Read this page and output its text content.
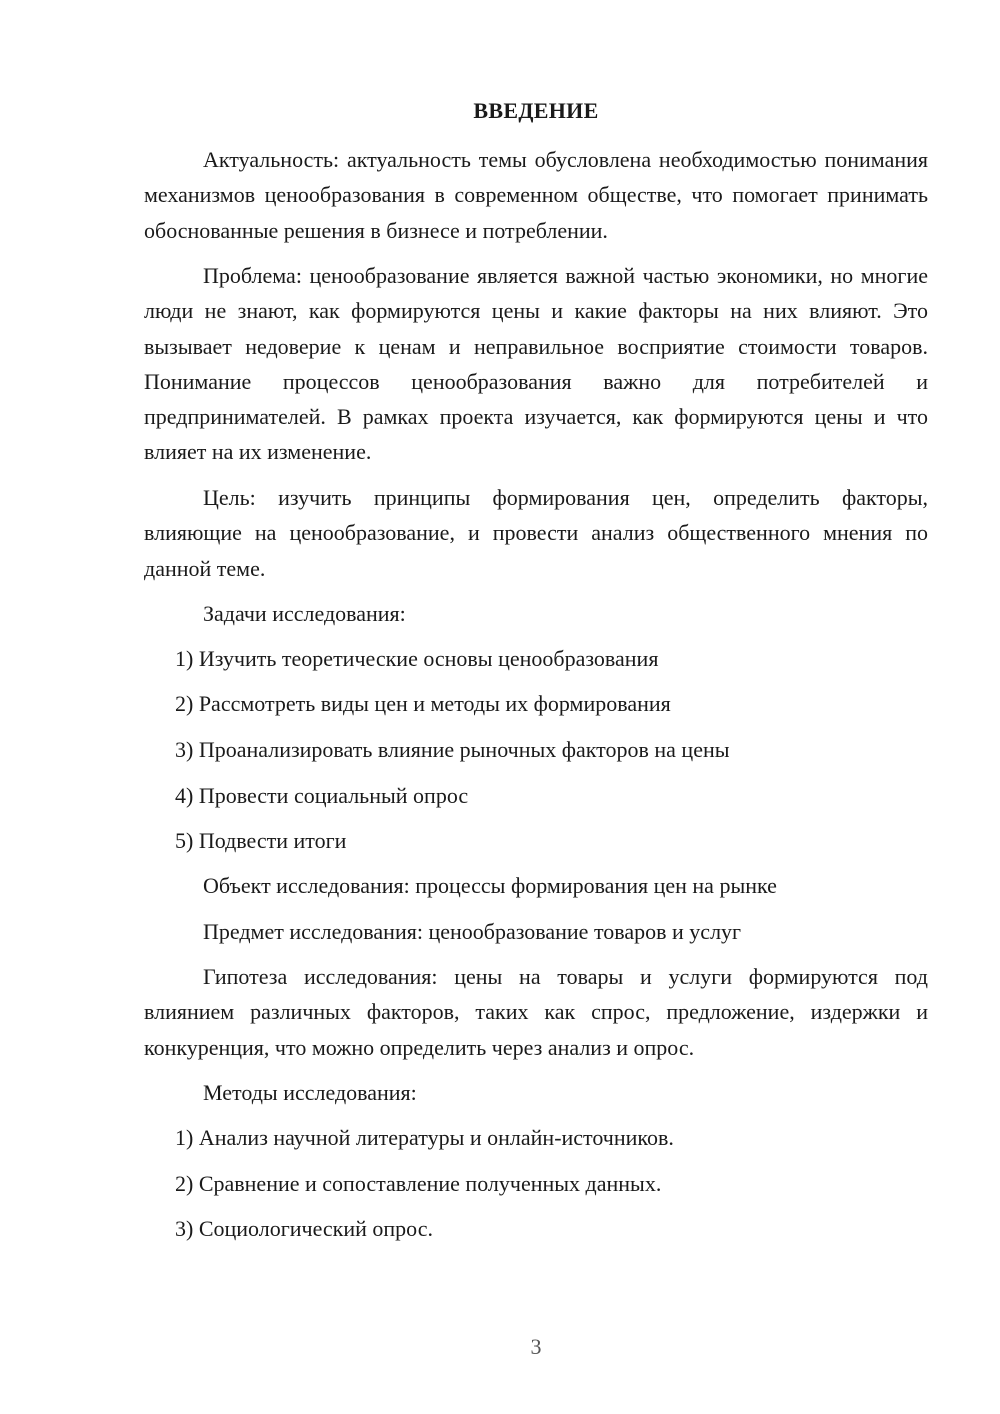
ВВЕДЕНИЕ

Актуальность: актуальность темы обусловлена необходимостью понимания механизмов ценообразования в современном обществе, что помогает принимать обоснованные решения в бизнесе и потреблении.

Проблема: ценообразование является важной частью экономики, но многие люди не знают, как формируются цены и какие факторы на них влияют. Это вызывает недоверие к ценам и неправильное восприятие стоимости товаров. Понимание процессов ценообразования важно для потребителей и предпринимателей. В рамках проекта изучается, как формируются цены и что влияет на их изменение.

Цель: изучить принципы формирования цен, определить факторы, влияющие на ценообразование, и провести анализ общественного мнения по данной теме.

Задачи исследования:
1) Изучить теоретические основы ценообразования
2) Рассмотреть виды цен и методы их формирования
3) Проанализировать влияние рыночных факторов на цены
4) Провести социальный опрос
5) Подвести итоги
Объект исследования: процессы формирования цен на рынке
Предмет исследования: ценообразование товаров и услуг

Гипотеза исследования: цены на товары и услуги формируются под влиянием различных факторов, таких как спрос, предложение, издержки и конкуренция, что можно определить через анализ и опрос.

Методы исследования:
1) Анализ научной литературы и онлайн-источников.
2) Сравнение и сопоставление полученных данных.
3) Социологический опрос.
3
